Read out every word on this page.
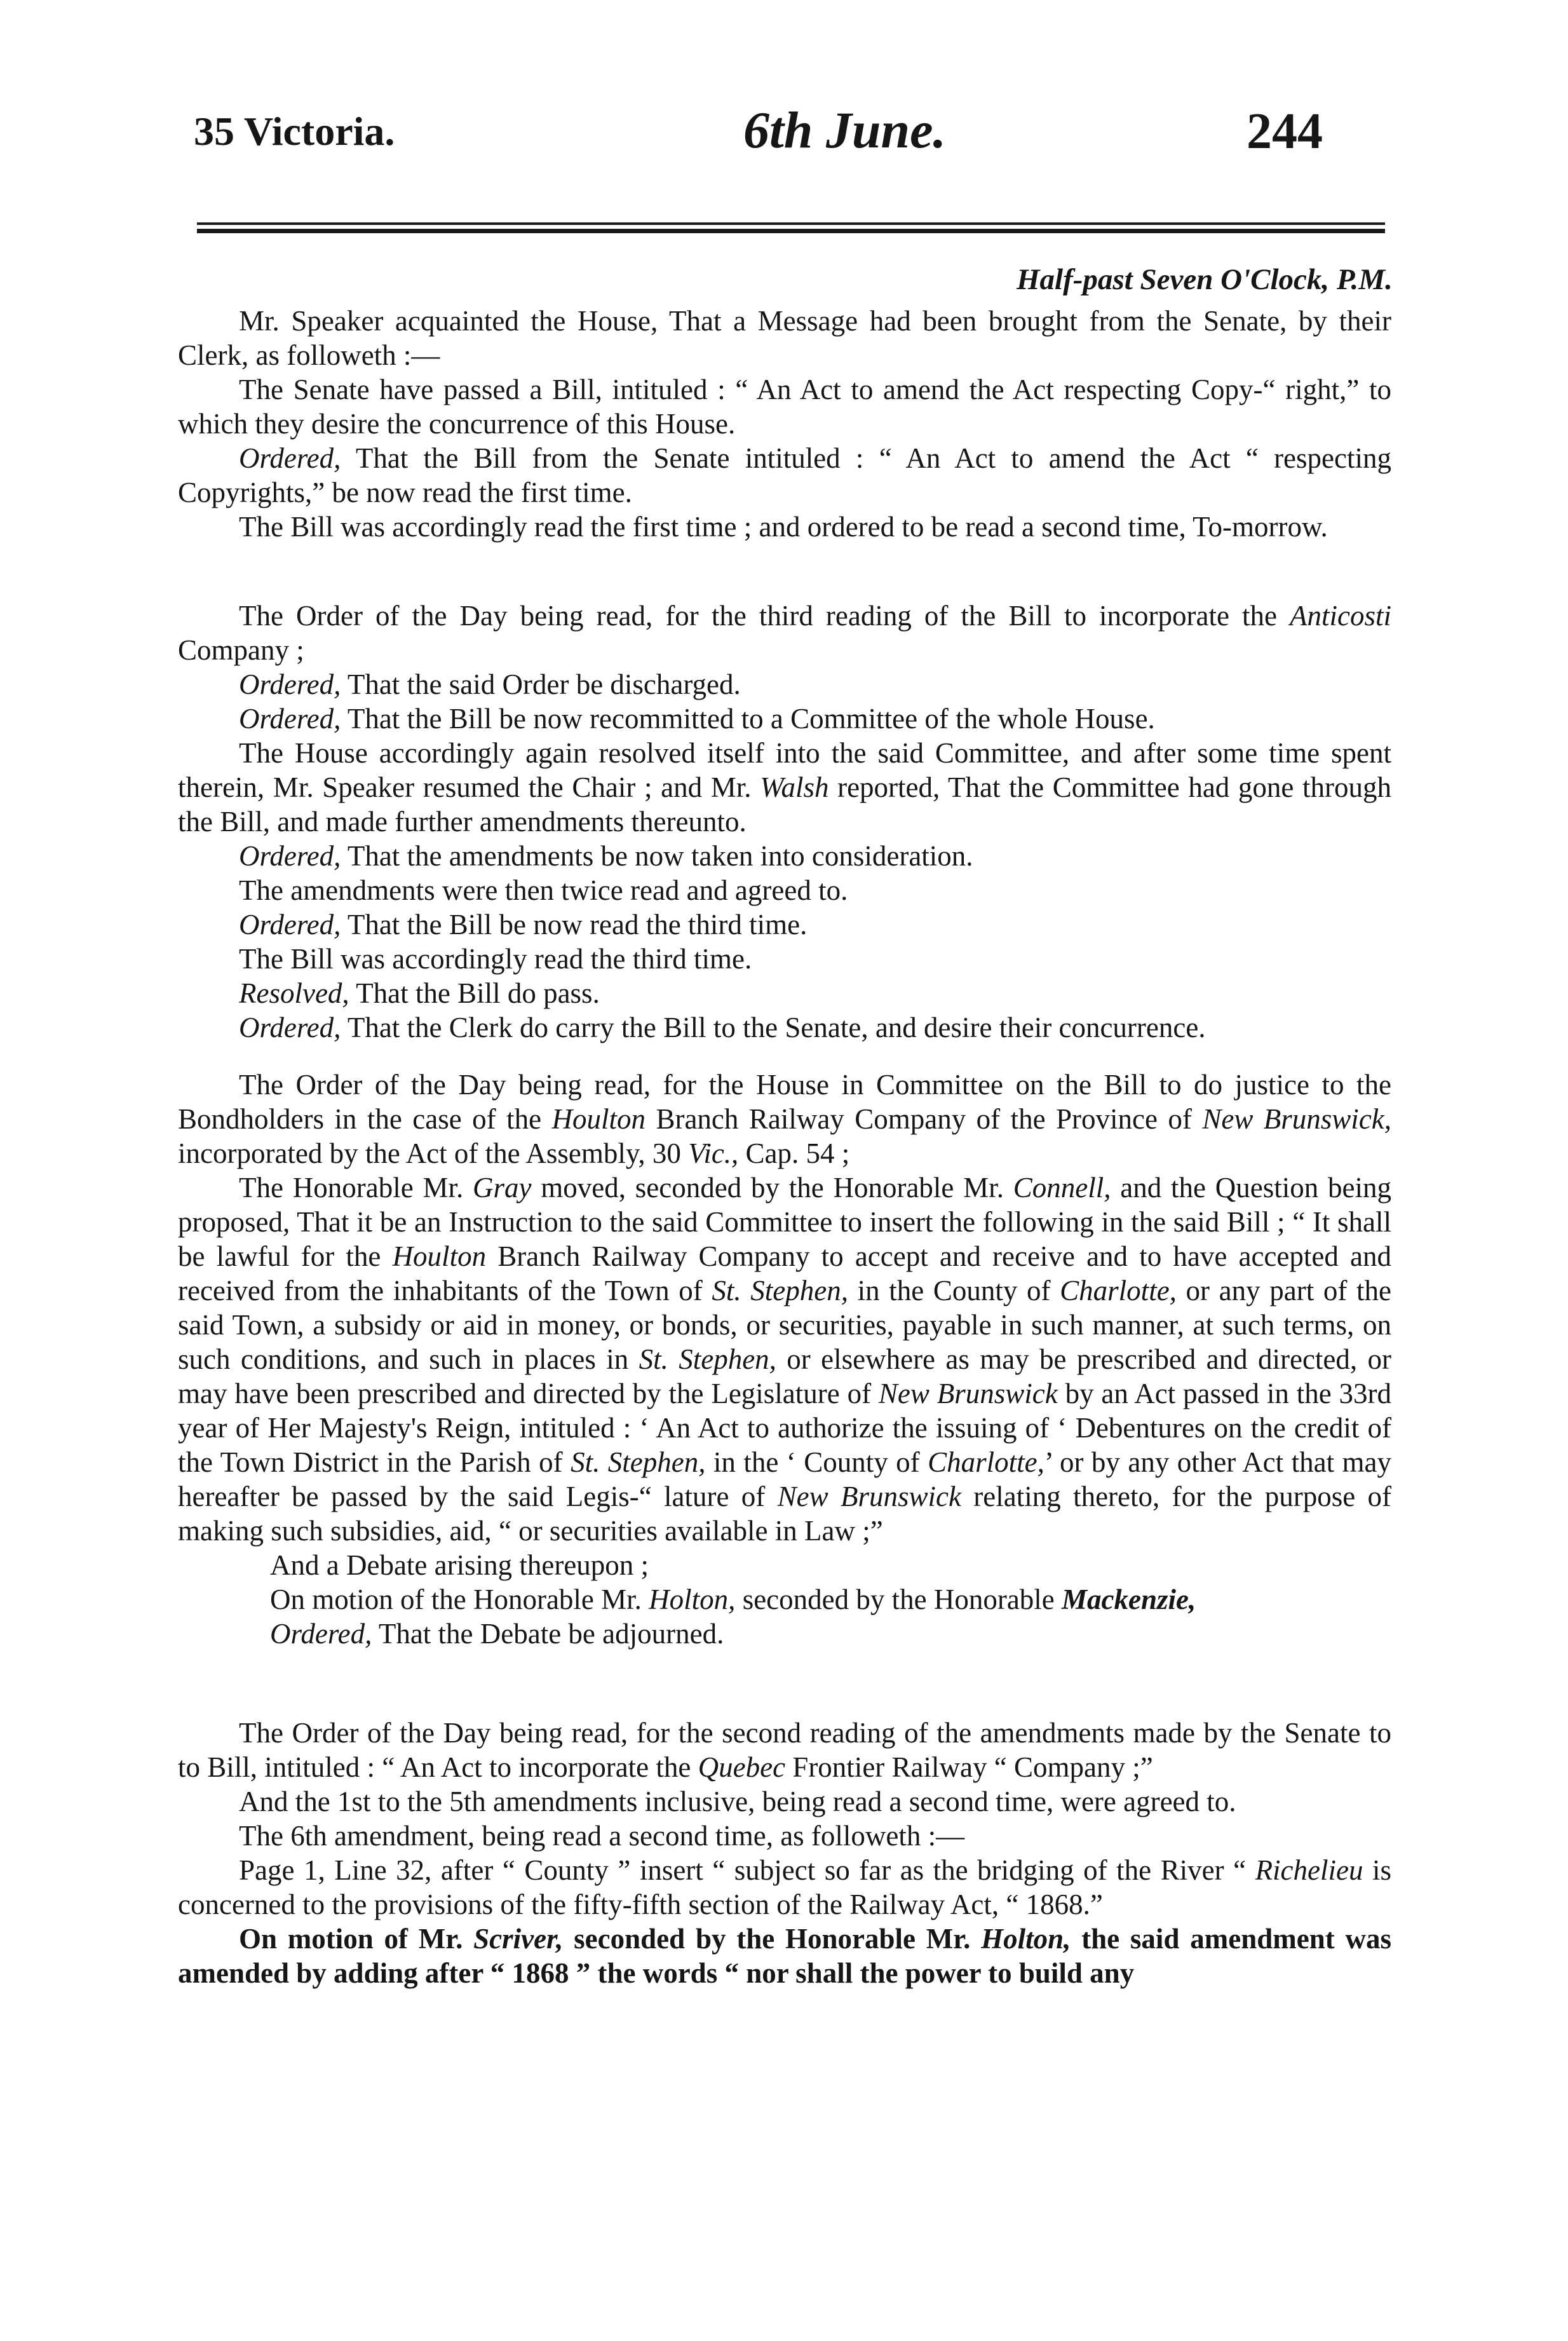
35 Victoria.	6th June.	244
Half-past Seven O'Clock, P.M.

Mr. Speaker acquainted the House, That a Message had been brought from the Senate, by their Clerk, as followeth :—

The Senate have passed a Bill, intituled : “ An Act to amend the Act respecting Copy-“ right,” to which they desire the concurrence of this House.

Ordered, That the Bill from the Senate intituled : “ An Act to amend the Act “ respecting Copyrights,” be now read the first time.

The Bill was accordingly read the first time ; and ordered to be read a second time, To-morrow.

The Order of the Day being read, for the third reading of the Bill to incorporate the Anticosti Company ;

Ordered, That the said Order be discharged.

Ordered, That the Bill be now recommitted to a Committee of the whole House.

The House accordingly again resolved itself into the said Committee, and after some time spent therein, Mr. Speaker resumed the Chair ; and Mr. Walsh reported, That the Committee had gone through the Bill, and made further amendments thereunto.

Ordered, That the amendments be now taken into consideration.

The amendments were then twice read and agreed to.

Ordered, That the Bill be now read the third time.

The Bill was accordingly read the third time.

Resolved, That the Bill do pass.

Ordered, That the Clerk do carry the Bill to the Senate, and desire their concurrence.

The Order of the Day being read, for the House in Committee on the Bill to do justice to the Bondholders in the case of the Houlton Branch Railway Company of the Province of New Brunswick, incorporated by the Act of the Assembly, 30 Vic., Cap. 54 ;

The Honorable Mr. Gray moved, seconded by the Honorable Mr. Connell, and the Question being proposed, That it be an Instruction to the said Committee to insert the following in the said Bill ; “ It shall be lawful for the Houlton Branch Railway Company to accept and receive and to have accepted and received from the inhabitants of the Town of St. Stephen, in the County of Charlotte, or any part of the said Town, a subsidy or aid in money, or bonds, or securities, payable in such manner, at such terms, on such conditions, and such in places in St. Stephen, or elsewhere as may be prescribed and directed, or may have been prescribed and directed by the Legislature of New Brunswick by an Act passed in the 33rd year of Her Majesty's Reign, intituled : ‘ An Act to authorize the issuing of ‘ Debentures on the credit of the Town District in the Parish of St. Stephen, in the ‘ County of Charlotte,’ or by any other Act that may hereafter be passed by the said Legis-“ lature of New Brunswick relating thereto, for the purpose of making such subsidies, aid, “ or securities available in Law ;”

And a Debate arising thereupon ;

On motion of the Honorable Mr. Holton, seconded by the Honorable Mackenzie,

Ordered, That the Debate be adjourned.

The Order of the Day being read, for the second reading of the amendments made by the Senate to to Bill, intituled : “ An Act to incorporate the Quebec Frontier Railway “ Company ;”

And the 1st to the 5th amendments inclusive, being read a second time, were agreed to.

The 6th amendment, being read a second time, as followeth :—

Page 1, Line 32, after “ County ” insert “ subject so far as the bridging of the River “ Richelieu is concerned to the provisions of the fifty-fifth section of the Railway Act, “ 1868.”

On motion of Mr. Scriver, seconded by the Honorable Mr. Holton, the said amendment was amended by adding after “ 1868 ” the words “ nor shall the power to build any
